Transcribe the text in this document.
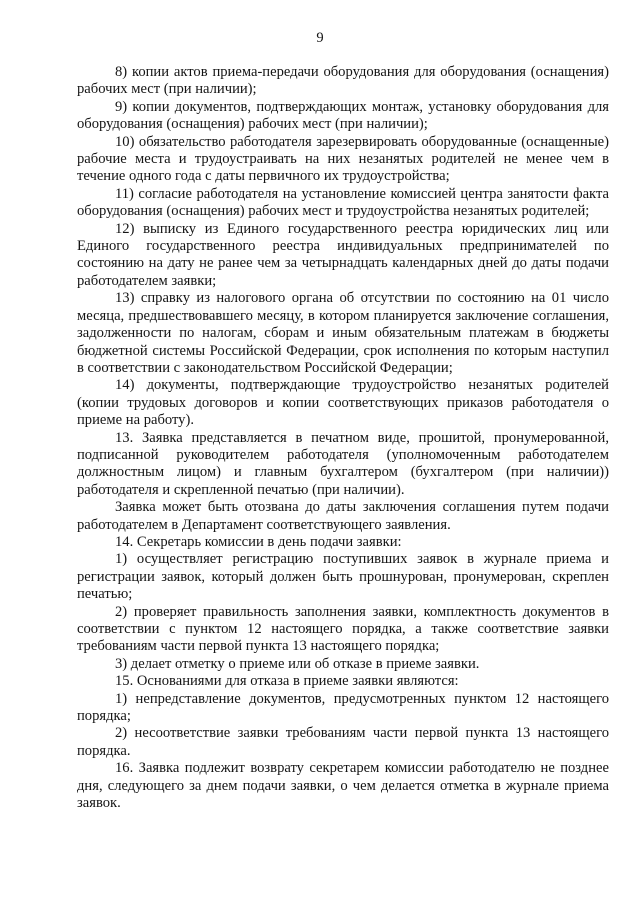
9

8) копии актов приема-передачи оборудования для оборудования (оснащения) рабочих мест (при наличии);

9) копии документов, подтверждающих монтаж, установку оборудования для оборудования (оснащения) рабочих мест (при наличии);

10) обязательство работодателя зарезервировать оборудованные (оснащенные) рабочие места и трудоустраивать на них незанятых родителей не менее чем в течение одного года с даты первичного их трудоустройства;

11) согласие работодателя на установление комиссией центра занятости факта оборудования (оснащения) рабочих мест и трудоустройства незанятых родителей;

12) выписку из Единого государственного реестра юридических лиц или Единого государственного реестра индивидуальных предпринимателей по состоянию на дату не ранее чем за четырнадцать календарных дней до даты подачи работодателем заявки;

13) справку из налогового органа об отсутствии по состоянию на 01 число месяца, предшествовавшего месяцу, в котором планируется заключение соглашения, задолженности по налогам, сборам и иным обязательным платежам в бюджеты бюджетной системы Российской Федерации, срок исполнения по которым наступил в соответствии с законодательством Российской Федерации;

14) документы, подтверждающие трудоустройство незанятых родителей (копии трудовых договоров и копии соответствующих приказов работодателя о приеме на работу).

13. Заявка представляется в печатном виде, прошитой, пронумерованной, подписанной руководителем работодателя (уполномоченным работодателем должностным лицом) и главным бухгалтером (бухгалтером (при наличии)) работодателя и скрепленной печатью (при наличии).

Заявка может быть отозвана до даты заключения соглашения путем подачи работодателем в Департамент соответствующего заявления.

14. Секретарь комиссии в день подачи заявки:

1) осуществляет регистрацию поступивших заявок в журнале приема и регистрации заявок, который должен быть прошнурован, пронумерован, скреплен печатью;

2) проверяет правильность заполнения заявки, комплектность документов в соответствии с пунктом 12 настоящего порядка, а также соответствие заявки требованиям части первой пункта 13 настоящего порядка;

3) делает отметку о приеме или об отказе в приеме заявки.

15. Основаниями для отказа в приеме заявки являются:

1) непредставление документов, предусмотренных пунктом 12 настоящего порядка;

2) несоответствие заявки требованиям части первой пункта 13 настоящего порядка.

16. Заявка подлежит возврату секретарем комиссии работодателю не позднее дня, следующего за днем подачи заявки, о чем делается отметка в журнале приема заявок.
